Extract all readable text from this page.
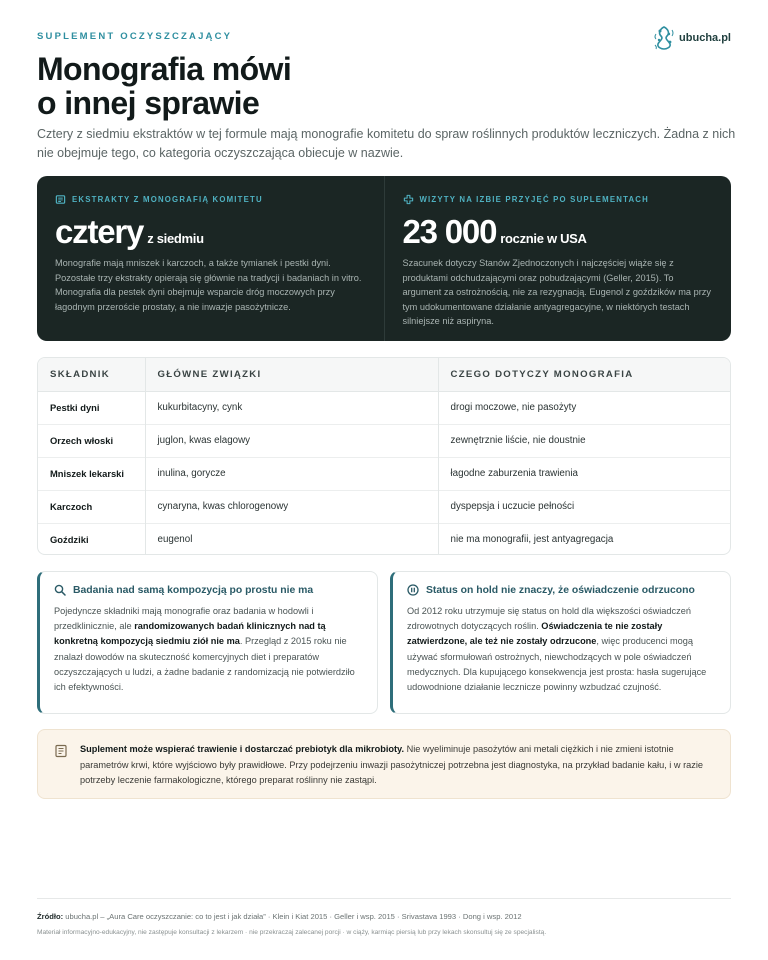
SUPLEMENT OCZYSZCZAJĄCY	ubucha.pl
Monografia mówi
o innej sprawie

Cztery z siedmiu ekstraktów w tej formule mają monografie komitetu do spraw roślinnych produktów leczniczych. Żadna z nich nie obejmuje tego, co kategoria oczyszczająca obiecuje w nazwie.

EKSTRAKTY Z MONOGRAFIĄ KOMITETU
cztery z siedmiu

Monografie mają mniszek i karczoch, a także tymianek i pestki dyni. Pozostałe trzy ekstrakty opierają się głównie na tradycji i badaniach in vitro. Monografia dla pestek dyni obejmuje wsparcie dróg moczowych przy łagodnym przeroście prostaty, a nie inwazje pasożytnicze.

WIZYTY NA IZBIE PRZYJĘĆ PO SUPLEMENTACH
23 000 rocznie w USA

Szacunek dotyczy Stanów Zjednoczonych i najczęściej wiąże się z produktami odchudzającymi oraz pobudzającymi (Geller, 2015). To argument za ostrożnością, nie za rezygnacją. Eugenol z goździków ma przy tym udokumentowane działanie antyagregacyjne, w niektórych testach silniejsze niż aspiryna.

SKŁADNIK	GŁÓWNE ZWIĄZKI	CZEGO DOTYCZY MONOGRAFIA
Pestki dyni	kukurbitacyny, cynk	drogi moczowe, nie pasożyty
Orzech włoski	juglon, kwas elagowy	zewnętrznie liście, nie doustnie
Mniszek lekarski	inulina, gorycze	łagodne zaburzenia trawienia
Karczoch	cynaryna, kwas chlorogenowy	dyspepsja i uczucie pełności
Goździki	eugenol	nie ma monografii, jest antyagregacja
Badania nad samą kompozycją po prostu nie ma

Pojedyncze składniki mają monografie oraz badania w hodowli i przedklinicznie, ale randomizowanych badań klinicznych nad tą konkretną kompozycją siedmiu ziół nie ma. Przegląd z 2015 roku nie znalazł dowodów na skuteczność komercyjnych diet i preparatów oczyszczających u ludzi, a żadne badanie z randomizacją nie potwierdziło ich efektywności.

Status on hold nie znaczy, że oświadczenie odrzucono

Od 2012 roku utrzymuje się status on hold dla większości oświadczeń zdrowotnych dotyczących roślin. Oświadczenia te nie zostały zatwierdzone, ale też nie zostały odrzucone, więc producenci mogą używać sformułowań ostrożnych, niewchodzących w pole oświadczeń medycznych. Dla kupującego konsekwencja jest prosta: hasła sugerujące udowodnione działanie lecznicze powinny wzbudzać czujność.

Suplement może wspierać trawienie i dostarczać prebiotyk dla mikrobioty. Nie wyeliminuje pasożytów ani metali ciężkich i nie zmieni istotnie parametrów krwi, które wyjściowo były prawidłowe. Przy podejrzeniu inwazji pasożytniczej potrzebna jest diagnostyka, na przykład badanie kału, i w razie potrzeby leczenie farmakologiczne, którego preparat roślinny nie zastąpi.

Źródło: ubucha.pl – „Aura Care oczyszczanie: co to jest i jak działa” · Klein i Kiat 2015 · Geller i wsp. 2015 · Srivastava 1993 · Dong i wsp. 2012
Materiał informacyjno-edukacyjny, nie zastępuje konsultacji z lekarzem · nie przekraczaj zalecanej porcji · w ciąży, karmiąc piersią lub przy lekach skonsultuj się ze specjalistą.
